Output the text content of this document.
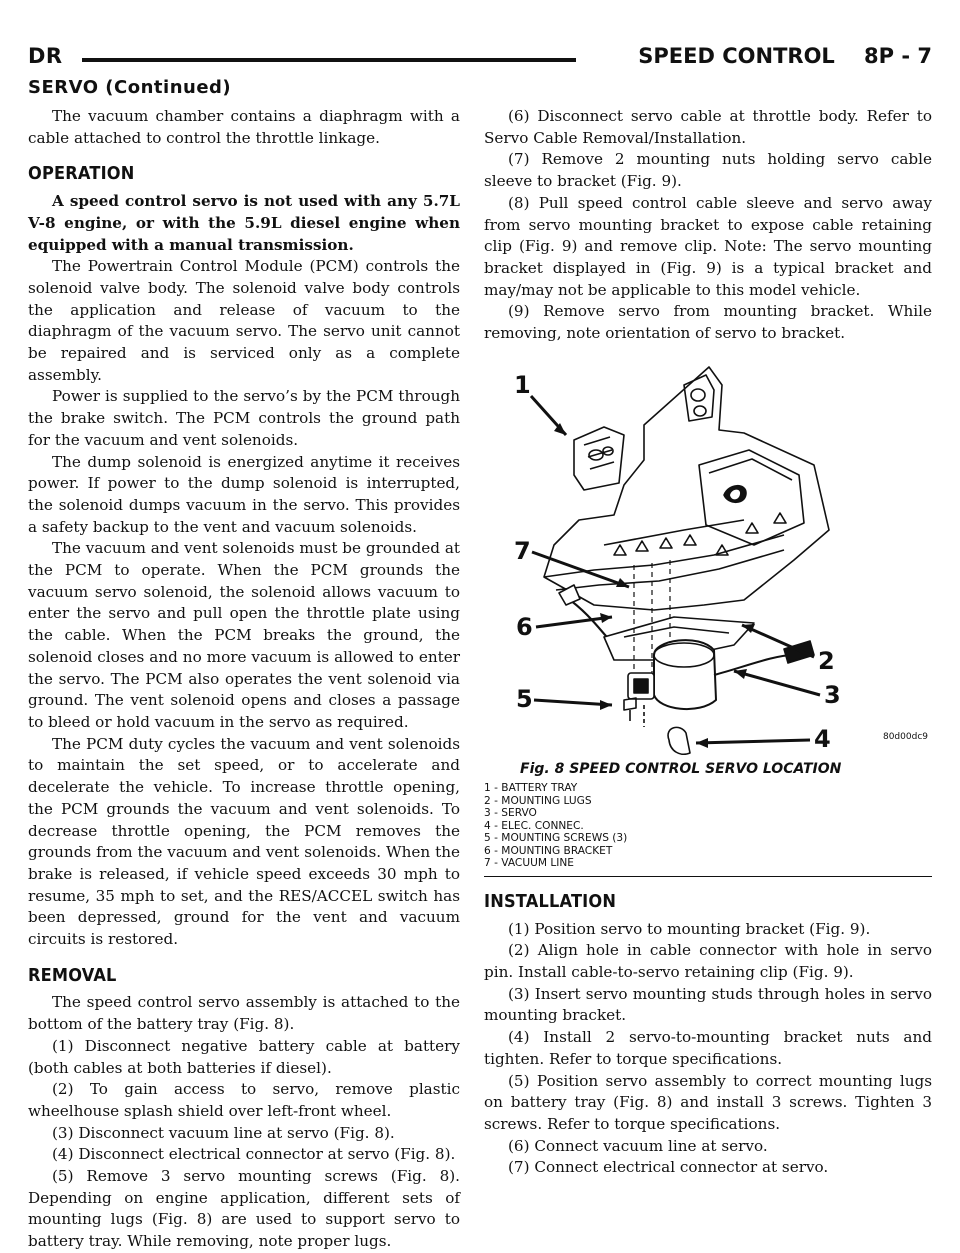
DR	SPEED CONTROL    8P - 7
SERVO (Continued)

The vacuum chamber contains a diaphragm with a cable attached to control the throttle linkage.

OPERATION

A speed control servo is not used with any 5.7L V-8 engine, or with the 5.9L diesel engine when equipped with a manual transmission.

The Powertrain Control Module (PCM) controls the solenoid valve body. The solenoid valve body controls the application and release of vacuum to the diaphragm of the vacuum servo. The servo unit cannot be repaired and is serviced only as a complete assembly.

Power is supplied to the servo’s by the PCM through the brake switch. The PCM controls the ground path for the vacuum and vent solenoids.

The dump solenoid is energized anytime it receives power. If power to the dump solenoid is interrupted, the solenoid dumps vacuum in the servo. This provides a safety backup to the vent and vacuum solenoids.

The vacuum and vent solenoids must be grounded at the PCM to operate. When the PCM grounds the vacuum servo solenoid, the solenoid allows vacuum to enter the servo and pull open the throttle plate using the cable. When the PCM breaks the ground, the solenoid closes and no more vacuum is allowed to enter the servo. The PCM also operates the vent solenoid via ground. The vent solenoid opens and closes a passage to bleed or hold vacuum in the servo as required.

The PCM duty cycles the vacuum and vent solenoids to maintain the set speed, or to accelerate and decelerate the vehicle. To increase throttle opening, the PCM grounds the vacuum and vent solenoids. To decrease throttle opening, the PCM removes the grounds from the vacuum and vent solenoids. When the brake is released, if vehicle speed exceeds 30 mph to resume, 35 mph to set, and the RES/ACCEL switch has been depressed, ground for the vent and vacuum circuits is restored.

REMOVAL

The speed control servo assembly is attached to the bottom of the battery tray (Fig. 8).

(1) Disconnect negative battery cable at battery (both cables at both batteries if diesel).

(2) To gain access to servo, remove plastic wheelhouse splash shield over left-front wheel.

(3) Disconnect vacuum line at servo (Fig. 8).

(4) Disconnect electrical connector at servo (Fig. 8).

(5) Remove 3 servo mounting screws (Fig. 8). Depending on engine application, different sets of mounting lugs (Fig. 8) are used to support servo to battery tray. While removing, note proper lugs.

(6) Disconnect servo cable at throttle body. Refer to Servo Cable Removal/Installation.

(7) Remove 2 mounting nuts holding servo cable sleeve to bracket (Fig. 9).

(8) Pull speed control cable sleeve and servo away from servo mounting bracket to expose cable retaining clip (Fig. 9) and remove clip. Note: The servo mounting bracket displayed in (Fig. 9) is a typical bracket and may/may not be applicable to this model vehicle.

(9) Remove servo from mounting bracket. While removing, note orientation of servo to bracket.

1
7
2
6
3
5
4	80d00dc9
Fig. 8 SPEED CONTROL SERVO LOCATION
1 - BATTERY TRAY
2 - MOUNTING LUGS
3 - SERVO
4 - ELEC. CONNEC.
5 - MOUNTING SCREWS (3)
6 - MOUNTING BRACKET
7 - VACUUM LINE
INSTALLATION

(1) Position servo to mounting bracket (Fig. 9).

(2) Align hole in cable connector with hole in servo pin. Install cable-to-servo retaining clip (Fig. 9).

(3) Insert servo mounting studs through holes in servo mounting bracket.

(4) Install 2 servo-to-mounting bracket nuts and tighten. Refer to torque specifications.

(5) Position servo assembly to correct mounting lugs on battery tray (Fig. 8) and install 3 screws. Tighten 3 screws. Refer to torque specifications.

(6) Connect vacuum line at servo.

(7) Connect electrical connector at servo.
